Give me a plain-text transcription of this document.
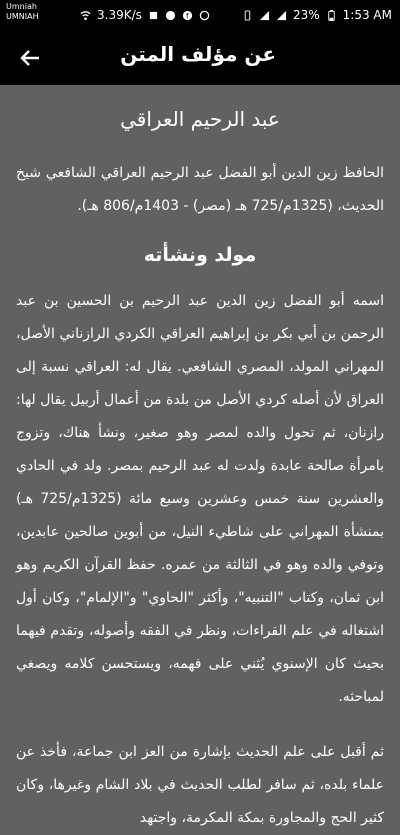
Umniah
UMNIAH	3.39K/s	f	23% 1:53 AM
عن مؤلف المتن
عبد الرحيم العراقي

الحافظ زين الدين أبو الفضل عبد الرحيم العراقي الشافعي شيخ الحديث، (1325م/725 هـ (مصر) - 1403م/806 هـ).

مولد ونشأته

اسمه أبو الفضل زين الدين عبد الرحيم بن الحسين بن عبد الرحمن بن أبي بكر بن إبراهيم العراقي الكردي الرازناني الأصل، المهراني المولد، المصري الشافعي. يقال له: العراقي نسبة إلى العراق لأن أصله كردي الأصل من بلدة من أعمال أربيل يقال لها: رازنان، ثم تحول والده لمصر وهو صغير، ونشأ هناك، وتزوج بامرأة صالحة عابدة ولدت له عبد الرحيم بمصر. ولد في الحادي والعشرين سنة خمس وعشرين وسبع مائة (1325م/725 هـ) بمنشأة المهراني على شاطيء النيل، من أبوين صالحين عابدين، وتوفي والده وهو في الثالثة من عمره. حفظ القرآن الكريم وهو ابن ثمان، وكتاب "التنبيه"، وأكثر "الحاوي" و"الإلمام"، وكان أول اشتغاله في علم القراءات، ونظر في الفقه وأصوله، وتقدم فيهما بحيث كان الإسنوي يُثني على فهمه، ويستحسن كلامه ويصغي لمباحثه.

ثم أقبل على علم الحديث بإشارة من العز ابن جماعة، فأخذ عن علماء بلده، ثم سافر لطلب الحديث في بلاد الشام وغيرها، وكان كثير الحج والمجاورة بمكة المكرمة، واجتهد
